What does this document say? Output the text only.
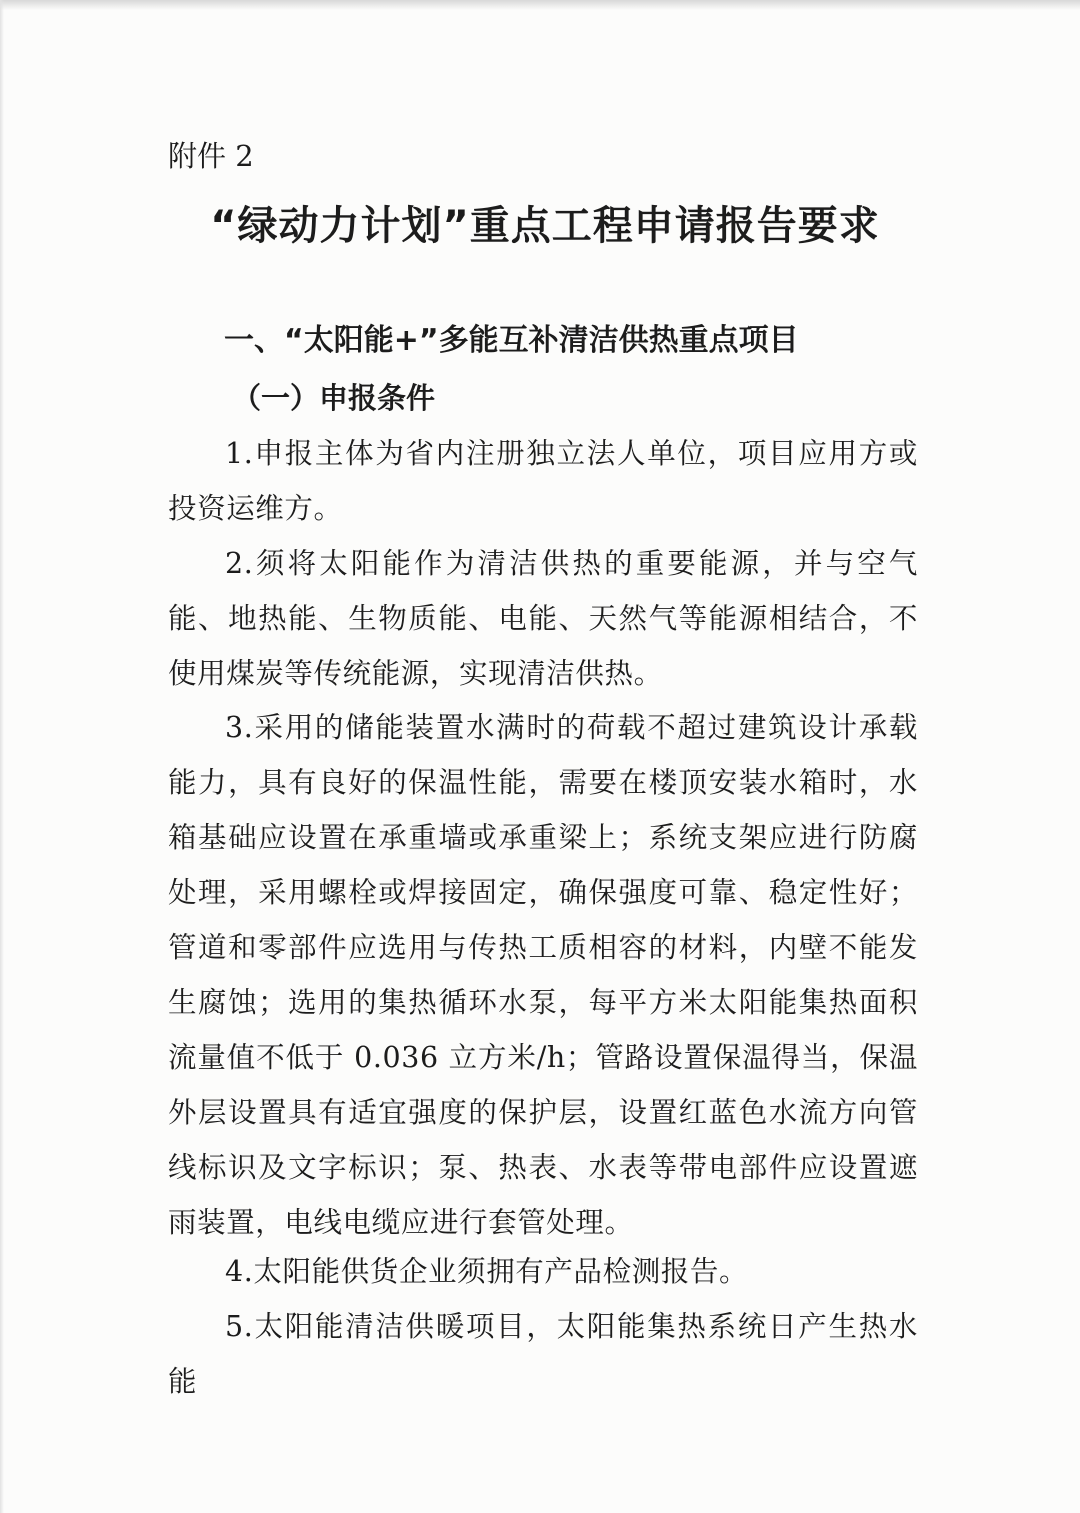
附件 2

“绿动力计划”重点工程申请报告要求
一、“太阳能+”多能互补清洁供热重点项目
（一）申报条件

1.申报主体为省内注册独立法人单位，项目应用方或投资运维方。

2.须将太阳能作为清洁供热的重要能源，并与空气能、地热能、生物质能、电能、天然气等能源相结合，不使用煤炭等传统能源，实现清洁供热。

3.采用的储能装置水满时的荷载不超过建筑设计承载能力，具有良好的保温性能，需要在楼顶安装水箱时，水箱基础应设置在承重墙或承重梁上；系统支架应进行防腐处理，采用螺栓或焊接固定，确保强度可靠、稳定性好；管道和零部件应选用与传热工质相容的材料，内壁不能发生腐蚀；选用的集热循环水泵，每平方米太阳能集热面积流量值不低于 0.036 立方米/h；管路设置保温得当，保温外层设置具有适宜强度的保护层，设置红蓝色水流方向管线标识及文字标识；泵、热表、水表等带电部件应设置遮雨装置，电线电缆应进行套管处理。

4.太阳能供货企业须拥有产品检测报告。

5.太阳能清洁供暖项目，太阳能集热系统日产生热水能
